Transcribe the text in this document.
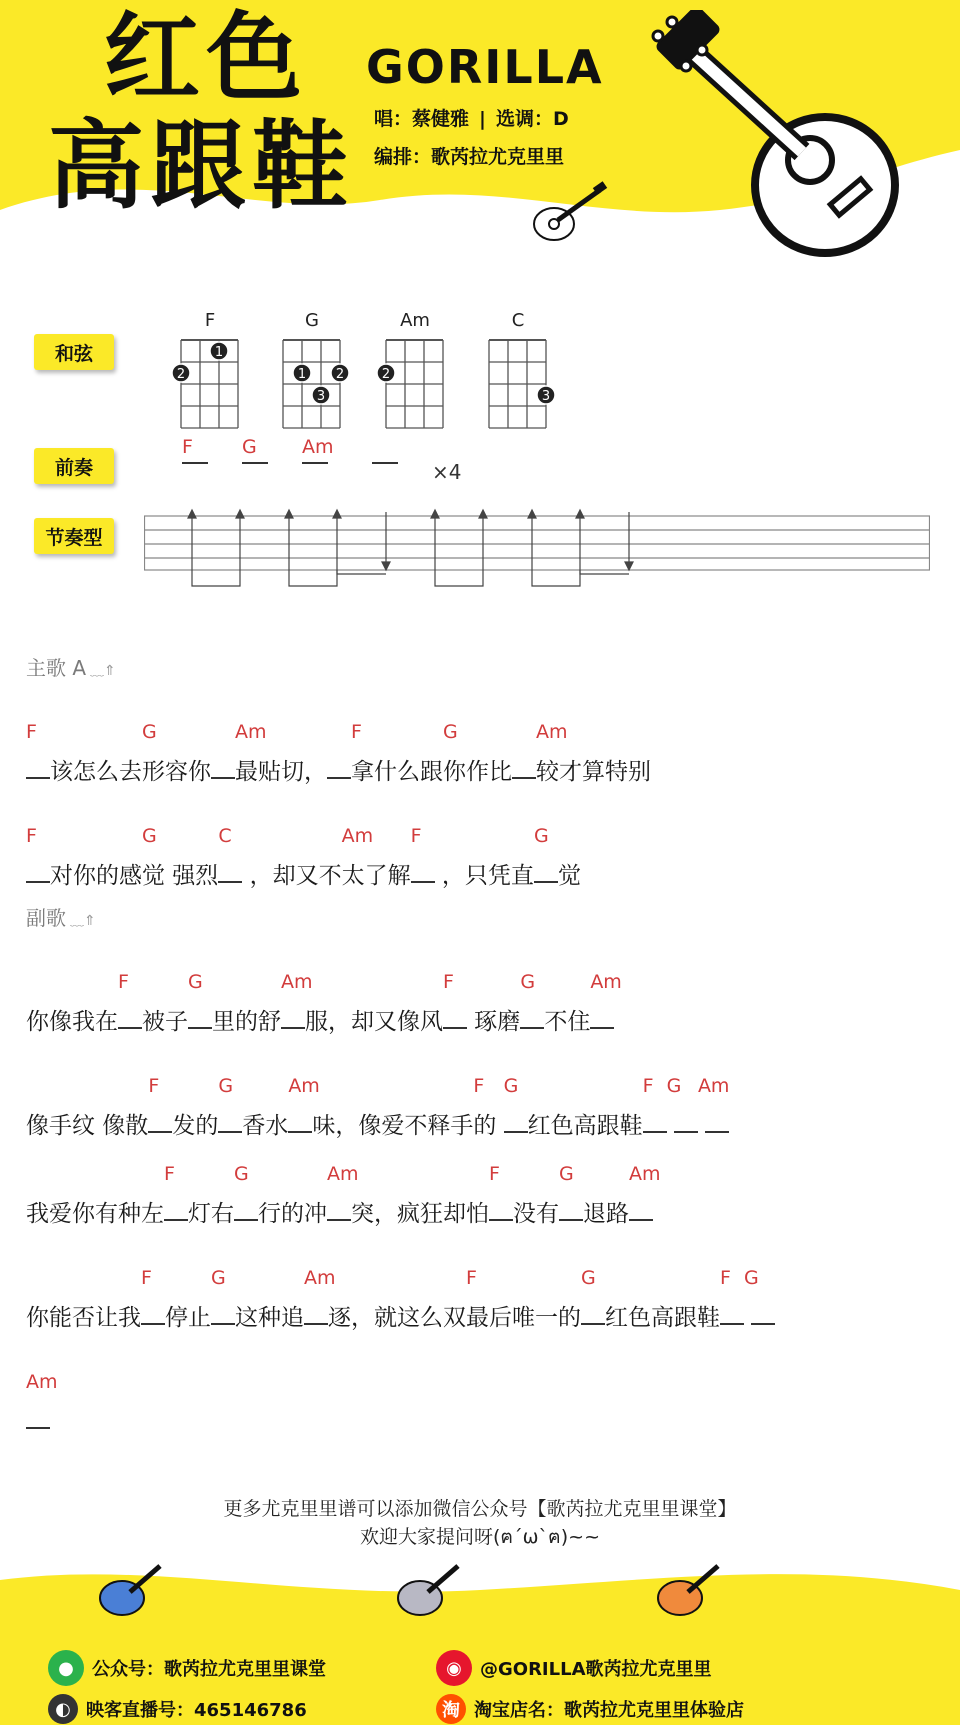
红色
高跟鞋
GORILLA
唱：蔡健雅 | 选调：D
编排：歌芮拉尤克里里
和弦
F
2
1
G
1 2
3
Am
2
C
3
前奏
F	G Am
×4
节奏型
主歌 A ﹏⇑
F
该怎么去
G
形容你
Am
最贴切，
F
拿什么跟
G
你作比
Am
较才算特别
F
对你的感
G
觉 强烈
C
，却又不
Am
太了解
F
，只凭直
G
觉
副歌 ﹏⇑
你像我在
F
被子
G
里的舒
Am
服，却又像风
F
琢磨
G
不住
Am
像手纹 像散
F
发的
G
香水
Am
味，像爱不释手
F
的
G
红色高跟鞋
F G
Am

我爱你有种左
F
灯右
G
行的冲
Am
突，疯狂却怕
F
没有
G
退路
Am
你能否让我
F
停止
G
这种追
Am
逐，就这么双
F
最后唯一的
G
红色高跟鞋
F G

Am
更多尤克里里谱可以添加微信公众号【歌芮拉尤克里里课堂】
欢迎大家提问呀(ฅ´ω`ฅ)~~
●	公众号：歌芮拉尤克里里课堂	◉	@GORILLA歌芮拉尤克里里
◐ 映客直播号：465146786	淘 淘宝店名：歌芮拉尤克里里体验店
